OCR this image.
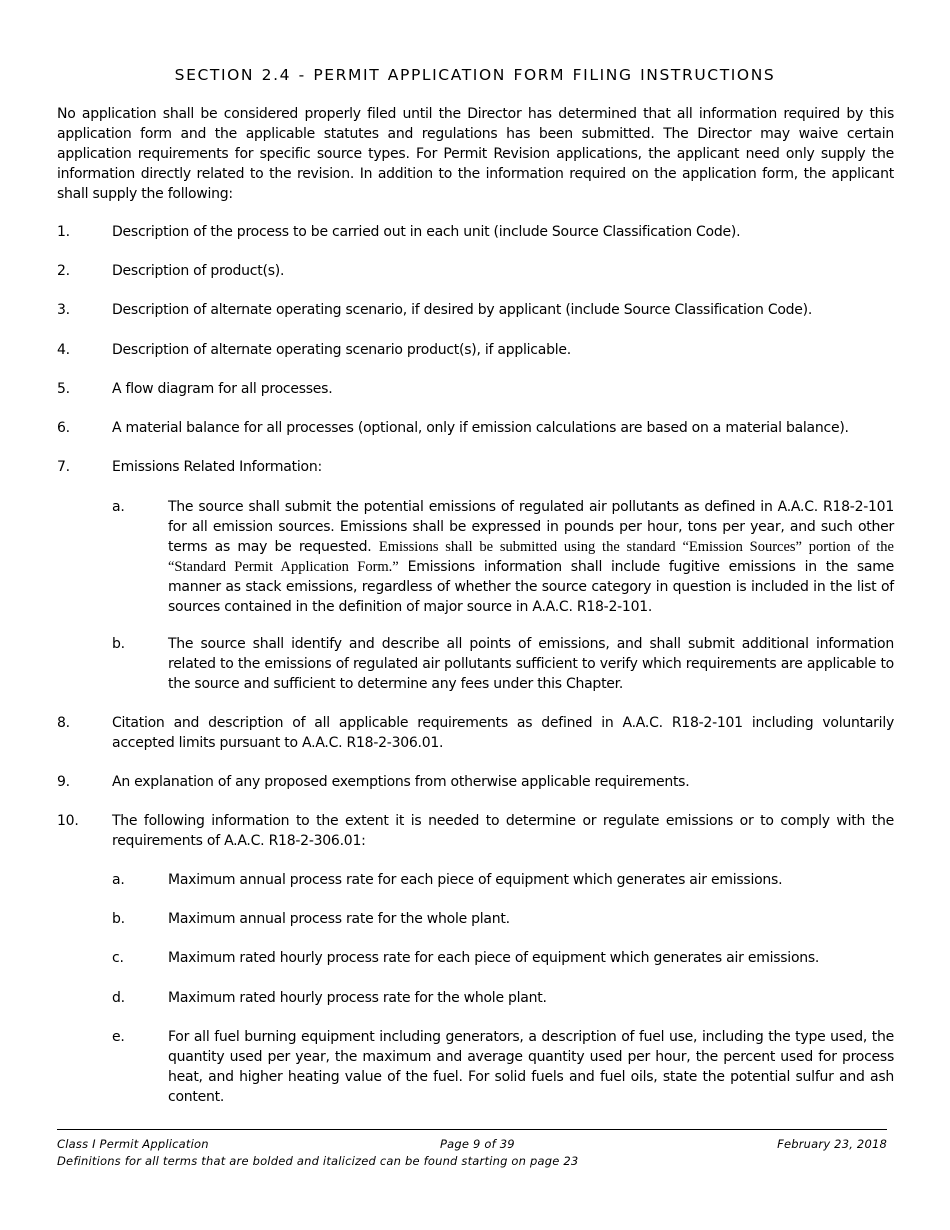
SECTION 2.4 - PERMIT APPLICATION FORM FILING INSTRUCTIONS
No application shall be considered properly filed until the Director has determined that all information required by this application form and the applicable statutes and regulations has been submitted. The Director may waive certain application requirements for specific source types. For Permit Revision applications, the applicant need only supply the information directly related to the revision. In addition to the information required on the application form, the applicant shall supply the following:
1.	Description of the process to be carried out in each unit (include Source Classification Code).
2.	Description of product(s).
3.	Description of alternate operating scenario, if desired by applicant (include Source Classification Code).
4.	Description of alternate operating scenario product(s), if applicable.
5.	A flow diagram for all processes.
6.	A material balance for all processes (optional, only if emission calculations are based on a material balance).
7.	Emissions Related Information:
a.	The source shall submit the potential emissions of regulated air pollutants as defined in A.A.C. R18-2-101 for all emission sources. Emissions shall be expressed in pounds per hour, tons per year, and such other terms as may be requested. Emissions shall be submitted using the standard “Emission Sources” portion of the “Standard Permit Application Form.” Emissions information shall include fugitive emissions in the same manner as stack emissions, regardless of whether the source category in question is included in the list of sources contained in the definition of major source in A.A.C. R18-2-101.
b.	The source shall identify and describe all points of emissions, and shall submit additional information related to the emissions of regulated air pollutants sufficient to verify which requirements are applicable to the source and sufficient to determine any fees under this Chapter.
8.	Citation and description of all applicable requirements as defined in A.A.C. R18-2-101 including voluntarily accepted limits pursuant to A.A.C. R18-2-306.01.
9.	An explanation of any proposed exemptions from otherwise applicable requirements.
10. The following information to the extent it is needed to determine or regulate emissions or to comply with the requirements of A.A.C. R18-2-306.01:
a.	Maximum annual process rate for each piece of equipment which generates air emissions.
b.	Maximum annual process rate for the whole plant.
c.	Maximum rated hourly process rate for each piece of equipment which generates air emissions.
d.	Maximum rated hourly process rate for the whole plant.
e.	For all fuel burning equipment including generators, a description of fuel use, including the type used, the quantity used per year, the maximum and average quantity used per hour, the percent used for process heat, and higher heating value of the fuel. For solid fuels and fuel oils, state the potential sulfur and ash content.
Class I Permit Application	Page 9 of 39	February 23, 2018
Definitions for all terms that are bolded and italicized can be found starting on page 23
